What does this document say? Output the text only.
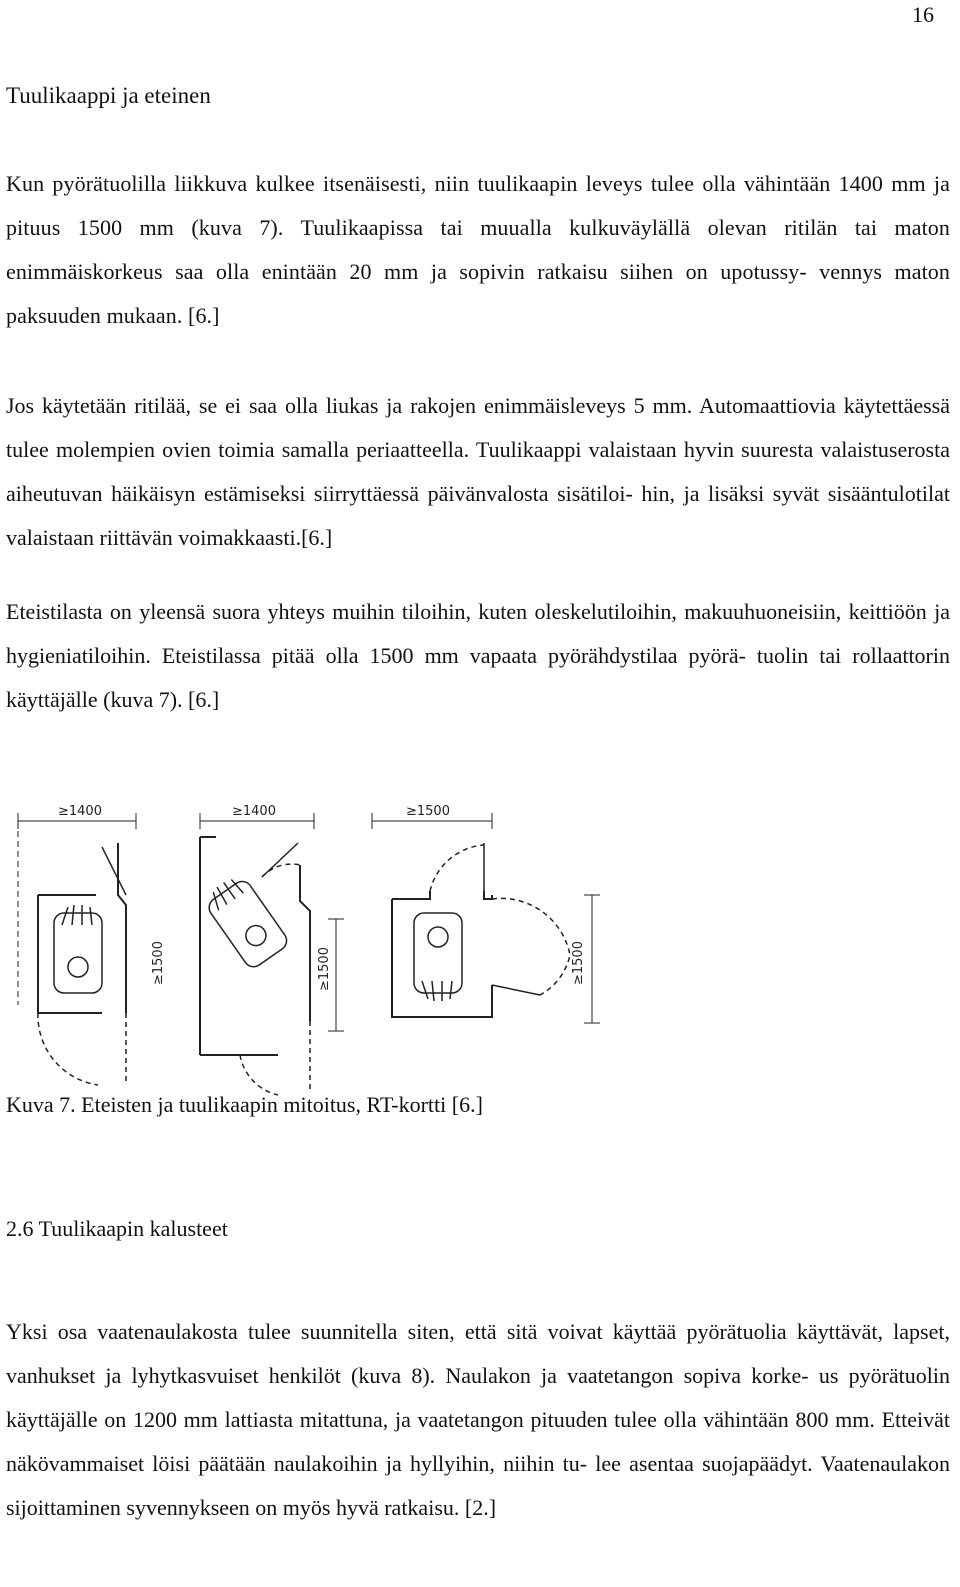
16
Tuulikaappi ja eteinen

Kun pyörätuolilla liikkuva kulkee itsenäisesti, niin tuulikaapin leveys tulee olla vähintään 1400 mm ja pituus 1500 mm (kuva 7). Tuulikaapissa tai muualla kulkuväylällä olevan ritilän tai maton enimmäiskorkeus saa olla enintään 20 mm ja sopivin ratkaisu siihen on upotussy- vennys maton paksuuden mukaan. [6.]

Jos käytetään ritilää, se ei saa olla liukas ja rakojen enimmäisleveys 5 mm. Automaattiovia käytettäessä tulee molempien ovien toimia samalla periaatteella. Tuulikaappi valaistaan hyvin suuresta valaistuserosta aiheutuvan häikäisyn estämiseksi siirryttäessä päivänvalosta sisätiloi- hin, ja lisäksi syvät sisääntulotilat valaistaan riittävän voimakkaasti.[6.]

Eteistilasta on yleensä suora yhteys muihin tiloihin, kuten oleskelutiloihin, makuuhuoneisiin, keittiöön ja hygieniatiloihin. Eteistilassa pitää olla 1500 mm vapaata pyörähdystilaa pyörä- tuolin tai rollaattorin käyttäjälle (kuva 7). [6.]

≥1400	≥1400	≥1500
≥1500	≥1500	≥1500

Kuva 7. Eteisten ja tuulikaapin mitoitus, RT-kortti [6.]

2.6 Tuulikaapin kalusteet

Yksi osa vaatenaulakosta tulee suunnitella siten, että sitä voivat käyttää pyörätuolia käyttävät, lapset, vanhukset ja lyhytkasvuiset henkilöt (kuva 8). Naulakon ja vaatetangon sopiva korke- us pyörätuolin käyttäjälle on 1200 mm lattiasta mitattuna, ja vaatetangon pituuden tulee olla vähintään 800 mm. Etteivät näkövammaiset löisi päätään naulakoihin ja hyllyihin, niihin tu- lee asentaa suojapäädyt. Vaatenaulakon sijoittaminen syvennykseen on myös hyvä ratkaisu. [2.]
